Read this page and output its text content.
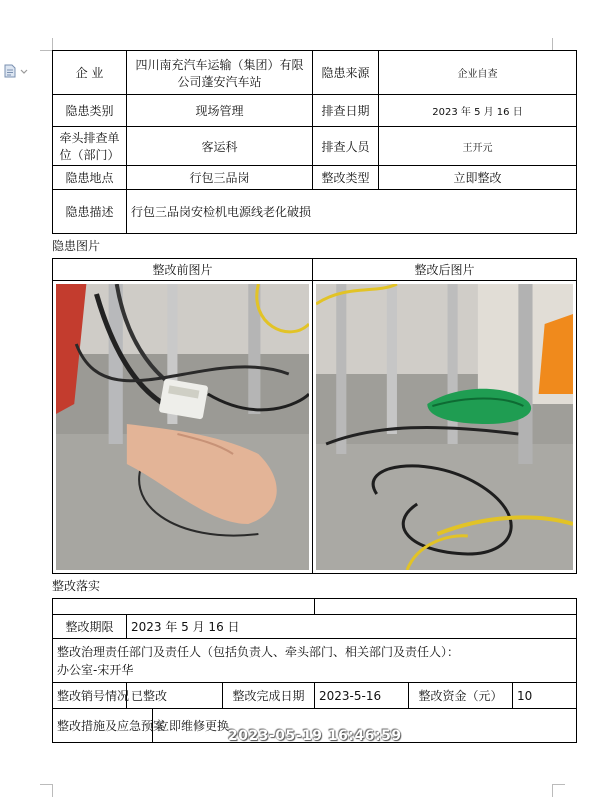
企 业	四川南充汽车运输（集团）有限公司蓬安汽车站	隐患来源	企业自查
隐患类别	现场管理	排查日期	2023 年 5 月 16 日
牵头排查单位（部门）	客运科	排查人员	王开元
隐患地点	行包三品岗	整改类型	立即整改
隐患描述	行包三品岗安检机电源线老化破损		
隐患图片
整改前图片	整改后图片

整改落实

整改期限	2023 年 5 月 16 日					

整改治理责任部门及责任人（包括负责人、牵头部门、相关部门及责任人）：
办公室-宋开华						

整改销号情况	已整改		整改完成日期	2023-5-16	整改资金（元）	10
整改措施及应急预案		立即维修更换				
2023-05-19 16:46:59
